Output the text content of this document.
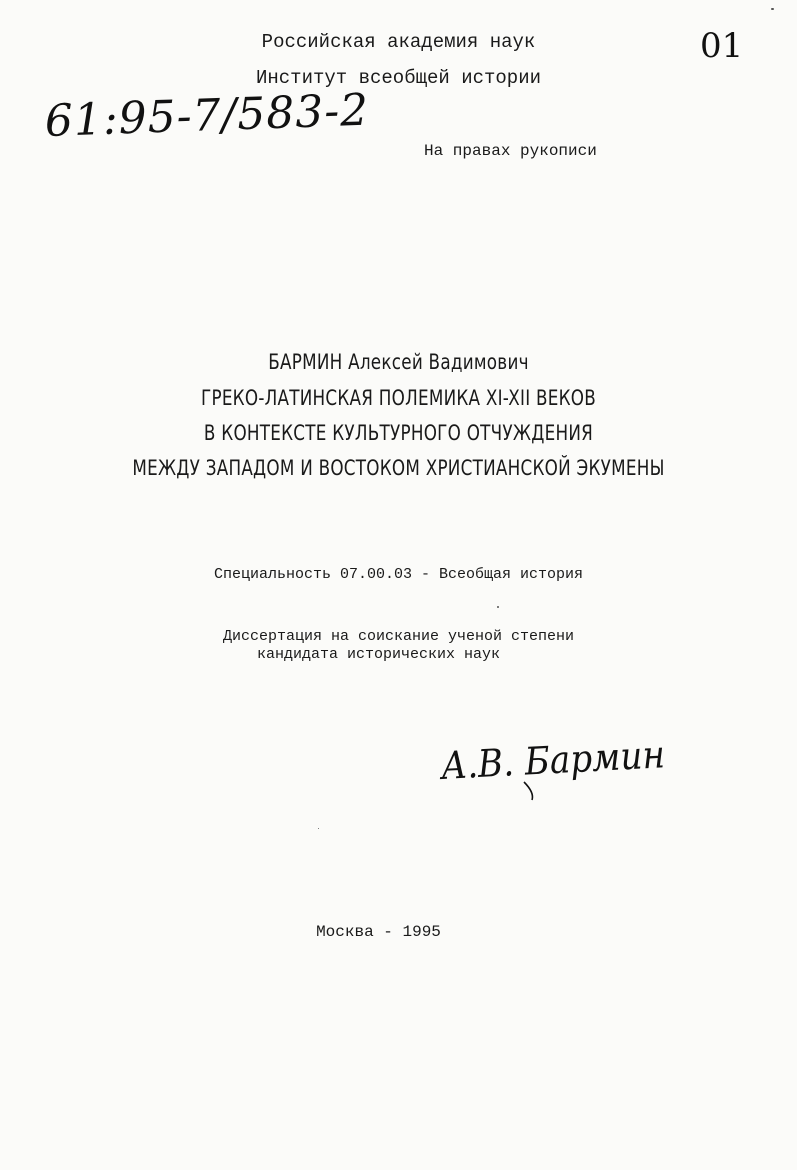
Российская академия наук
Институт всеобщей истории
61:95-7/583-2
01
На правах рукописи
БАРМИН Алексей Вадимович
ГРЕКО-ЛАТИНСКАЯ ПОЛЕМИКА XI-XII ВЕКОВ
В КОНТЕКСТЕ КУЛЬТУРНОГО ОТЧУЖДЕНИЯ
МЕЖДУ ЗАПАДОМ И ВОСТОКОМ ХРИСТИАНСКОЙ ЭКУМЕНЫ
Специальность 07.00.03 - Всеобщая история
Диссертация на соискание ученой степени
кандидата исторических наук
А.В. Бармин
Москва - 1995
